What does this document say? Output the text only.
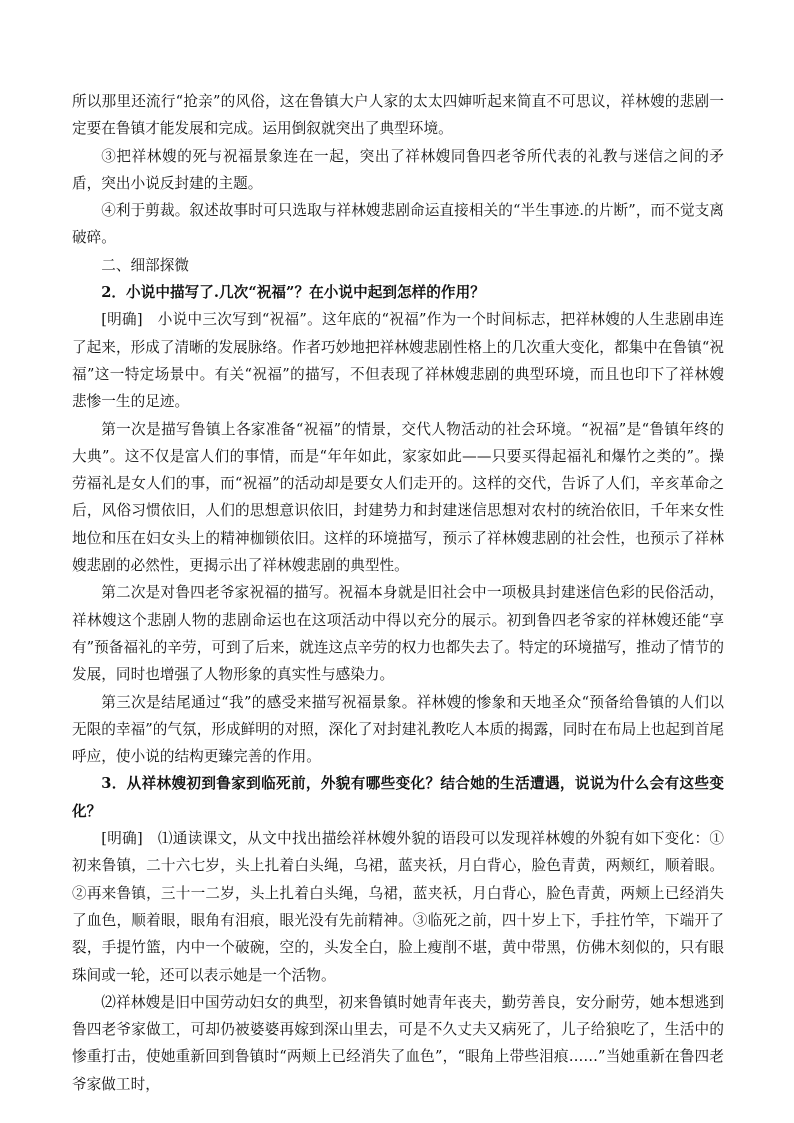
所以那里还流行“抢亲”的风俗，这在鲁镇大户人家的太太四婶听起来简直不可思议，祥林嫂的悲剧一定要在鲁镇才能发展和完成。运用倒叙就突出了典型环境。

③把祥林嫂的死与祝福景象连在一起，突出了祥林嫂同鲁四老爷所代表的礼教与迷信之间的矛盾，突出小说反封建的主题。

④利于剪裁。叙述故事时可只选取与祥林嫂悲剧命运直接相关的“半生事迹.的片断”，而不觉支离破碎。

二、细部探微

2．小说中描写了.几次“祝福”？在小说中起到怎样的作用？

[明确]　小说中三次写到“祝福”。这年底的“祝福”作为一个时间标志，把祥林嫂的人生悲剧串连了起来，形成了清晰的发展脉络。作者巧妙地把祥林嫂悲剧性格上的几次重大变化，都集中在鲁镇“祝福”这一特定场景中。有关“祝福”的描写，不但表现了祥林嫂悲剧的典型环境，而且也印下了祥林嫂悲惨一生的足迹。

第一次是描写鲁镇上各家准备“祝福”的情景，交代人物活动的社会环境。“祝福”是“鲁镇年终的大典”。这不仅是富人们的事情，而是“年年如此，家家如此——只要买得起福礼和爆竹之类的”。操劳福礼是女人们的事，而“祝福”的活动却是要女人们走开的。这样的交代，告诉了人们，辛亥革命之后，风俗习惯依旧，人们的思想意识依旧，封建势力和封建迷信思想对农村的统治依旧，千年来女性地位和压在妇女头上的精神枷锁依旧。这样的环境描写，预示了祥林嫂悲剧的社会性，也预示了祥林嫂悲剧的必然性，更揭示出了祥林嫂悲剧的典型性。

第二次是对鲁四老爷家祝福的描写。祝福本身就是旧社会中一项极具封建迷信色彩的民俗活动，祥林嫂这个悲剧人物的悲剧命运也在这项活动中得以充分的展示。初到鲁四老爷家的祥林嫂还能“享有”预备福礼的辛劳，可到了后来，就连这点辛劳的权力也都失去了。特定的环境描写，推动了情节的发展，同时也增强了人物形象的真实性与感染力。

第三次是结尾通过“我”的感受来描写祝福景象。祥林嫂的惨象和天地圣众“预备给鲁镇的人们以无限的幸福”的气氛，形成鲜明的对照，深化了对封建礼教吃人本质的揭露，同时在布局上也起到首尾呼应，使小说的结构更臻完善的作用。

3．从祥林嫂初到鲁家到临死前，外貌有哪些变化？结合她的生活遭遇，说说为什么会有这些变化？

[明确]　⑴通读课文，从文中找出描绘祥林嫂外貌的语段可以发现祥林嫂的外貌有如下变化：①初来鲁镇，二十六七岁，头上扎着白头绳，乌裙，蓝夹袄，月白背心，脸色青黄，两颊红，顺着眼。②再来鲁镇，三十一二岁，头上扎着白头绳，乌裙，蓝夹袄，月白背心，脸色青黄，两颊上已经消失了血色，顺着眼，眼角有泪痕，眼光没有先前精神。③临死之前，四十岁上下，手拄竹竿，下端开了裂，手提竹篮，内中一个破碗，空的，头发全白，脸上瘦削不堪，黄中带黑，仿佛木刻似的，只有眼珠间或一轮，还可以表示她是一个活物。

⑵祥林嫂是旧中国劳动妇女的典型，初来鲁镇时她青年丧夫，勤劳善良，安分耐劳，她本想逃到鲁四老爷家做工，可却仍被婆婆再嫁到深山里去，可是不久丈夫又病死了，儿子给狼吃了，生活中的惨重打击，使她重新回到鲁镇时“两颊上已经消失了血色”，“眼角上带些泪痕……”当她重新在鲁四老爷家做工时，
